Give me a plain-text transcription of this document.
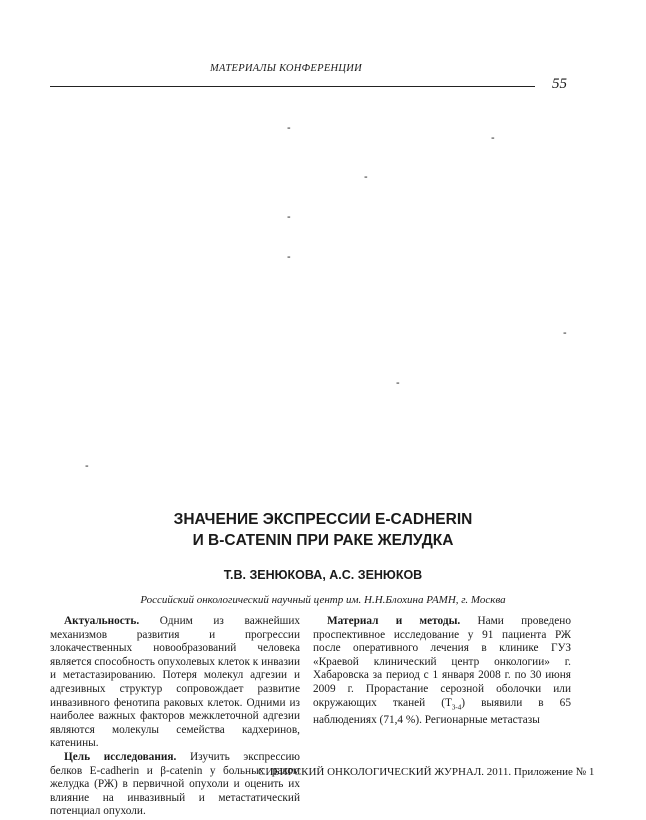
МАТЕРИАЛЫ КОНФЕРЕНЦИИ
55
-
-
-
-
-
-
-
-
ЗНАЧЕНИЕ ЭКСПРЕССИИ E-CADHERIN
И B-CATENIN ПРИ РАКЕ ЖЕЛУДКА
Т.В. ЗЕНЮКОВА, А.С. ЗЕНЮКОВ
Российский онкологический научный центр им. Н.Н.Блохина РАМН, г. Москва

Актуальность. Одним из важнейших механизмов развития и прогрессии злокачественных новообразований человека является способность опухолевых клеток к инвазии и метастазированию. Потеря молекул адгезии и адгезивных структур сопровождает развитие инвазивного фенотипа раковых клеток. Одними из наиболее важных факторов межклеточной адгезии являются молекулы семейства кадхеринов, катенины.

Цель исследования. Изучить экспрессию белков E-cadherin и β-catenin у больных раком желудка (РЖ) в первичной опухоли и оценить их влияние на инвазивный и метастатический потенциал опухоли.

Материал и методы. Нами проведено проспективное исследование у 91 пациента РЖ после оперативного лечения в клинике ГУЗ «Краевой клинический центр онкологии» г. Хабаровска за период с 1 января 2008 г. по 30 июня 2009 г. Прорастание серозной оболочки или окружающих тканей $(T_{3-4})$ выявили в 65 наблюдениях (71,4 %). Регионарные метастазы

СИБИРСКИЙ ОНКОЛОГИЧЕСКИЙ ЖУРНАЛ. 2011. Приложение № 1
